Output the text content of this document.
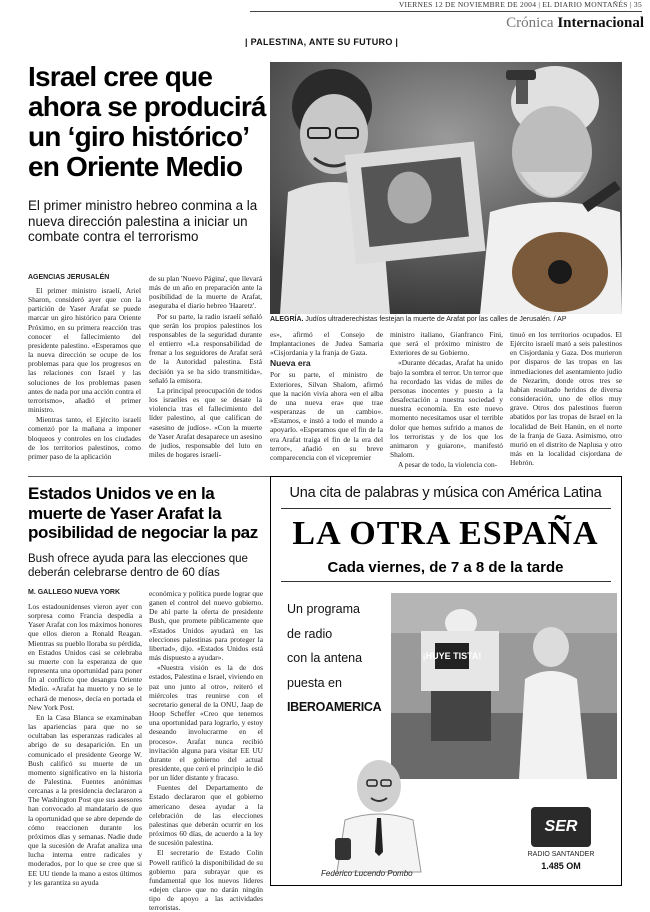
VIERNES 12 DE NOVIEMBRE DE 2004 | EL DIARIO MONTAÑÉS | 35
Crónica Internacional
| PALESTINA, ANTE SU FUTURO |
Israel cree que ahora se producirá un ‘giro histórico’ en Oriente Medio
El primer ministro hebreo conmina a la nueva dirección palestina a iniciar un combate contra el terrorismo
AGENCIAS JERUSALÉN

El primer ministro israelí, Ariel Sharon, consideró ayer que con la partición de Yaser Arafat se puede marcar un giro histórico para Oriente Próximo, en su primera reacción tras conocer el fallecimiento del presidente palestino. «Esperamos que la nueva dirección se ocupe de los problemas para que los progresos en las relaciones con Israel y las soluciones de los problemas pasen antes de nada por una acción contra el terrorismo», añadió el primer ministro.

Mientras tanto, el Ejército israelí comenzó por la mañana a imponer bloqueos y controles en los ciudades de los territorios palestinos, como primer paso de la aplicación

de su plan 'Nuevo Página', que llevará más de un año en preparación ante la posibilidad de la muerte de Arafat, aseguraba el diario hebreo 'Haaretz'.

Por su parte, la radio israelí señaló que serán los propios palestinos los responsables de la seguridad durante el entierro «La responsabilidad de frenar a los seguidores de Arafat será de la Autoridad palestina. Está decisión ya se ha sido transmitida», señaló la emisora.

La principal preocupación de todos los israelíes es que se desate la violencia tras el fallecimiento del líder palestino, al que califican de «asesino de judíos». «Con la muerte de Yaser Arafat desaparece un asesino de judíos, responsable del luto en miles de hogares israelí-

es», afirmó el Consejo de Implantaciones de Judea Samaria «Cisjordania y la franja de Gaza.

Nueva era

Por su parte, el ministro de Exteriores, Silvan Shalom, afirmó que la nación vivía ahora «en el alba de una nueva era» que trae «esperanzas de un cambio». «Estamos, e instó a todo el mundo a apoyarlo. «Esperamos que el fin de la era Arafat traiga el fin de la era del terror», añadió en su breve comparecencia con el vicepremier

ministro italiano, Gianfranco Fini, que será el próximo ministro de Exteriores de su Gobierno.

«Durante décadas, Arafat ha unido bajo la sombra el terror. Un terror que ha recordado las vidas de miles de personas inocentes y puesto a la desafectación a nuestra sociedad y nuestra economía. En este nuevo momento necesitamos usar el terrible dolor que hemos sufrido a manos de los terroristas y de los que los animaron y guiaron», manifestó Shalom.

A pesar de todo, la violencia con-

tinuó en los territorios ocupados. El Ejército israelí mató a seis palestinos en Cisjordania y Gaza. Dos murieron por disparos de las tropas en las inmediaciones del asentamiento judío de Nezarim, donde otros tres se habían resultado heridos de diversa consideración, uno de ellos muy grave. Otros dos palestinos fueron abatidos por las tropas de Israel en la localidad de Beit Hanún, en el norte de la franja de Gaza. Asimismo, otro murió en el distrito de Naplusa y otro más en la localidad cisjordana de Hebrón.

ALEGRÍA. Judíos ultraderechistas festejan la muerte de Arafat por las calles de Jerusalén. / AP
Estados Unidos ve en la muerte de Yaser Arafat la posibilidad de negociar la paz
Bush ofrece ayuda para las elecciones que deberán celebrarse dentro de 60 días
M. GALLEGO NUEVA YORK

Los estadounidenses vieron ayer con sorpresa como Francia despedía a Yaser Arafat con los máximos honores que ellos dieron a Ronald Reagan. Mientras su pueblo lloraba su pérdida, en Estados Unidos casi se celebraba su muerte con la esperanza de que representa una oportunidad para poner fin al conflicto que desangra Oriente Medio. «Arafat ha muerto y no se le echará de menos», decía en portada el New York Post.

En la Casa Blanca se examinaban las apariencias para que no se ocultaban las esperanzas radicales al abrigo de su desaparición. En un comunicado el presidente George W. Bush calificó su muerte de un momento significativo en la historia de Palestina. Fuentes anónimas cercanas a la presidencia declararon a The Washington Post que sus asesores han convocado al mandatario de que la oportunidad que se abre depende de cómo reaccionen durante los próximos días y semanas. Nadie dude que la sucesión de Arafat analiza una lucha interna entre radicales y moderados, por lo que se cree que si EE UU tiende la mano a estos últimos y les garantiza su ayuda

económica y política puede lograr que ganen el control del nuevo gobierno. De ahí parte la oferta de presidente Bush, que promete públicamente que «Estados Unidos ayudará en las elecciones palestinas para proteger la libertad», dijo. «Estados Unidos está más dispuesto a ayudar».

«Nuestra visión es la de dos estados, Palestina e Israel, viviendo en paz uno junto al otro», reiteró el miércoles tras reunirse con el secretario general de la ONU, Jaap de Hoop Scheffer «Creo que tenemos una oportunidad para lograrlo, y estoy deseando involucrarme en el proceso». Arafat nunca recibió invitación alguna para visitar EE UU durante el gobierno del actual presidente, que ceró el principio le dió por un líder distante y fracaso.

Fuentes del Departamento de Estado declararon que el gobierno americano desea ayudar a la celebración de las elecciones palestinas que deberán ocurrir en los próximos 60 días, de acuerdo a la ley de sucesión palestina.

El secretario de Estado Colin Powell ratificó la disponibilidad de su gobierno para subrayar que es fundamental que los nuevos líderes «dejen claro» que no darán ningún tipo de apoyo a las actividades terroristas.

Una cita de palabras y música con América Latina
LA OTRA ESPAÑA
Cada viernes, de 7 a 8 de la tarde
¡HUYE TISTA!
Un programa
de radio
con la antena
puesta en
IBEROAMERICA
Federico Lucendo Pombo
SER
RADIO SANTANDER
1.485 OM
